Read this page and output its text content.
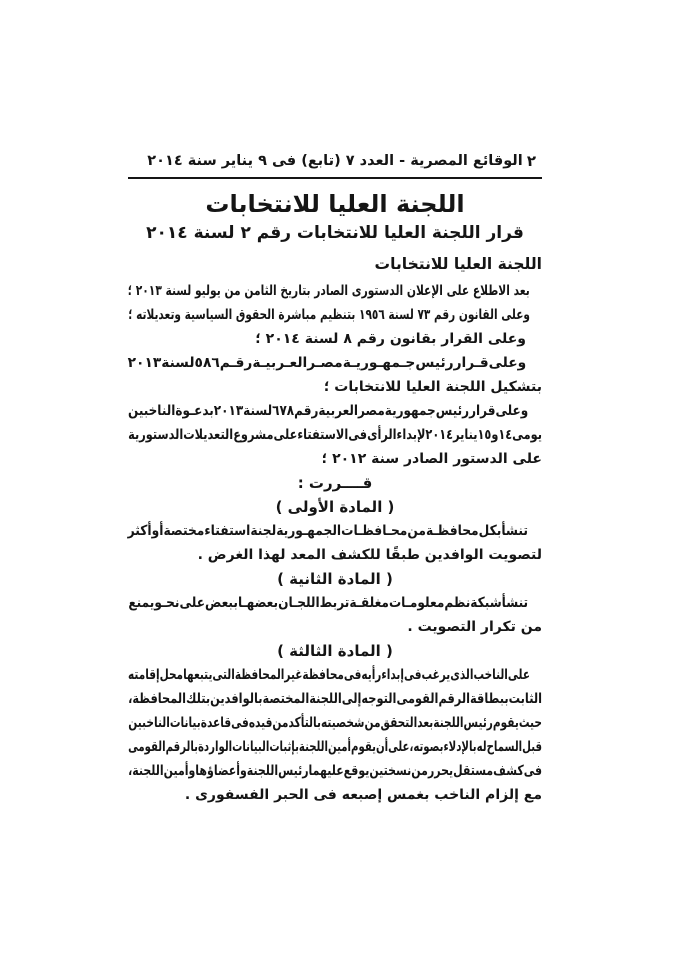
الوقائع المصرية - العدد ٧ (تابع) فى ٩ يناير سنة ٢٠١٤ ٢
اللجنة العليا للانتخابات
قرار اللجنة العليا للانتخابات رقم ٢ لسنة ٢٠١٤
اللجنة العليا للانتخابات
بعد الاطلاع على الإعلان الدستورى الصادر بتاريخ الثامن من يوليو لسنة ٢٠١٣ ؛
وعلى القانون رقم ٧٣ لسنة ١٩٥٦ بتنظيم مباشرة الحقوق السياسية وتعديلاته ؛
وعلى القرار بقانون رقم ٨ لسنة ٢٠١٤ ؛
وعلى
قـرار
رئيس
جـمهـوريـة
مصـر
العـربيـة
رقـم
٥٨٦
لسنة
٢٠١٣
بتشكيل اللجنة العليا للانتخابات ؛
وعلى
قرار
رئيس
جمهورية
مصر
العربية
رقم
٦٧٨
لسنة
٢٠١٣
بدعـوة
الناخبين
يومى
١٤
و١٥
يناير
٢٠١٤
لإبداء
الرأى
فى
الاستفتاء
على
مشروع
التعديلات
الدستورية
على الدستور الصادر سنة ٢٠١٢ ؛
قــــررت :
( المادة الأولى )
تنشأ
بكل
محافظـة
من
محـافظـات
الجمهـورية
لجنة
استفتاء
مختصة
أو
أكثر
لتصويت الوافدين طبقًا للكشف المعد لهذا الغرض .
( المادة الثانية )
تنشأ
شبكة
نظم
معلومـات
مغلقـة
تربط
اللجـان
بعضهـا
ببعض
على
نحـو
يمنع
من تكرار التصويت .
( المادة الثالثة )
على
الناخب
الذى
يرغب
فى
إبداء
رأيه
فى
محافظة
غير
المحافظة
التى
يتبعها
محل
إقامته
الثابت
ببطاقة
الرقم
القومى
التوجه
إلى
اللجنة
المختصة
بالوافدين
بتلك
المحافظة
،
حيث
يقوم
رئيس
اللجنة
بعد
التحقق
من
شخصيته
بالتأكد
من
قيده
فى
قاعدة
بيانات
الناخبين
قبل
السماح
له
بالإدلاء
بصوته
،
على
أن
يقوم
أمين
اللجنة
بإثبات
البيانات
الواردة
بالرقم
القومى
فى
كشف
مستقل
يحرر
من
نسختين
يوقع
عليهما
رئيس
اللجنة
وأعضاؤها
وأمين
اللجنة
،
مع إلزام الناخب بغمس إصبعه فى الحبر الفسفورى .
